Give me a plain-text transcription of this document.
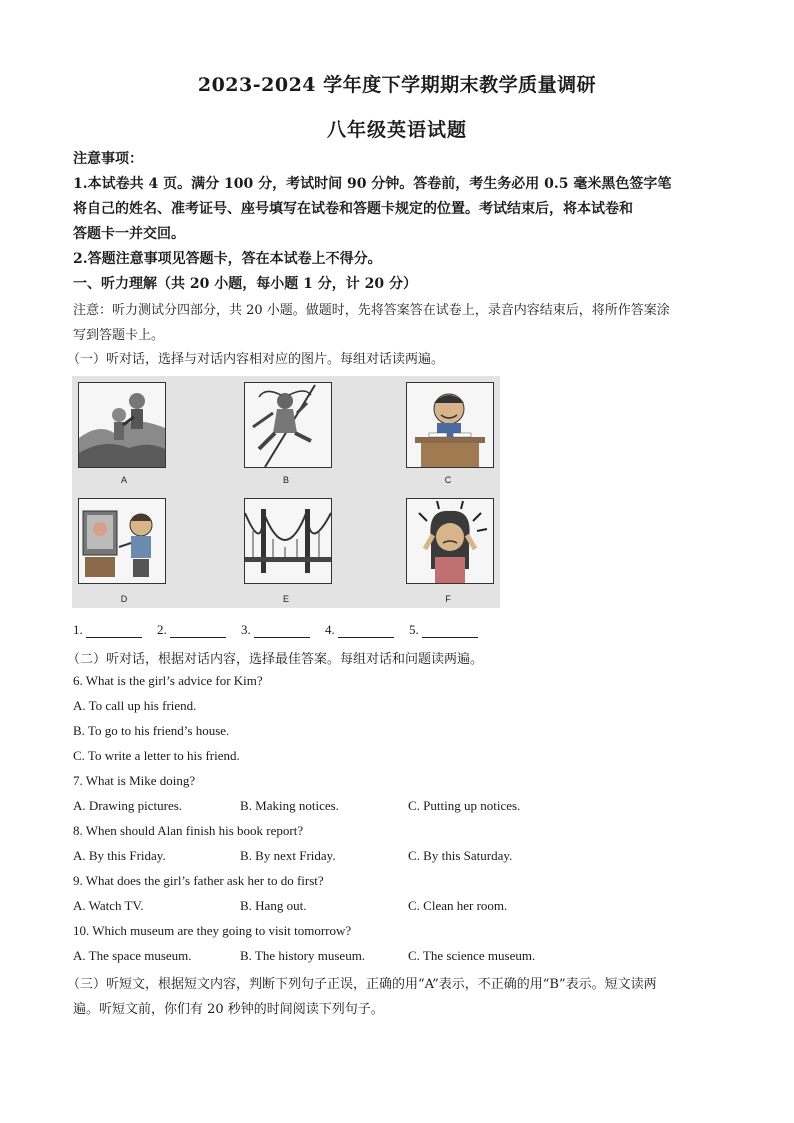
2023-2024 学年度下学期期末教学质量调研
八年级英语试题
注意事项：
1.本试卷共 4 页。满分 100 分，考试时间 90 分钟。答卷前，考生务必用 0.5 毫米黑色签字笔
将自己的姓名、准考证号、座号填写在试卷和答题卡规定的位置。考试结束后，将本试卷和
答题卡一并交回。
2.答题注意事项见答题卡，答在本试卷上不得分。
一、听力理解（共 20 小题，每小题 1 分，计 20 分）
注意：听力测试分四部分，共 20 小题。做题时，先将答案答在试卷上，录音内容结束后，将所作答案涂
写到答题卡上。
（一）听对话，选择与对话内容相对应的图片。每组对话读两遍。
A	B	C
D	E	F
1.	2.	3.	4.	5.
（二）听对话，根据对话内容，选择最佳答案。每组对话和问题读两遍。
6. What is the girl’s advice for Kim?
A. To call up his friend.
B. To go to his friend’s house.
C. To write a letter to his friend.
7. What is Mike doing?
A. Drawing pictures.	B. Making notices.	C. Putting up notices.
8. When should Alan finish his book report?
A. By this Friday.	B. By next Friday.	C. By this Saturday.
9. What does the girl’s father ask her to do first?
A. Watch TV.	B. Hang out.	C. Clean her room.
10. Which museum are they going to visit tomorrow?
A. The space museum.	B. The history museum.	C. The science museum.
（三）听短文，根据短文内容，判断下列句子正误，正确的用“A”表示，不正确的用“B”表示。短文读两
遍。听短文前，你们有 20 秒钟的时间阅读下列句子。
